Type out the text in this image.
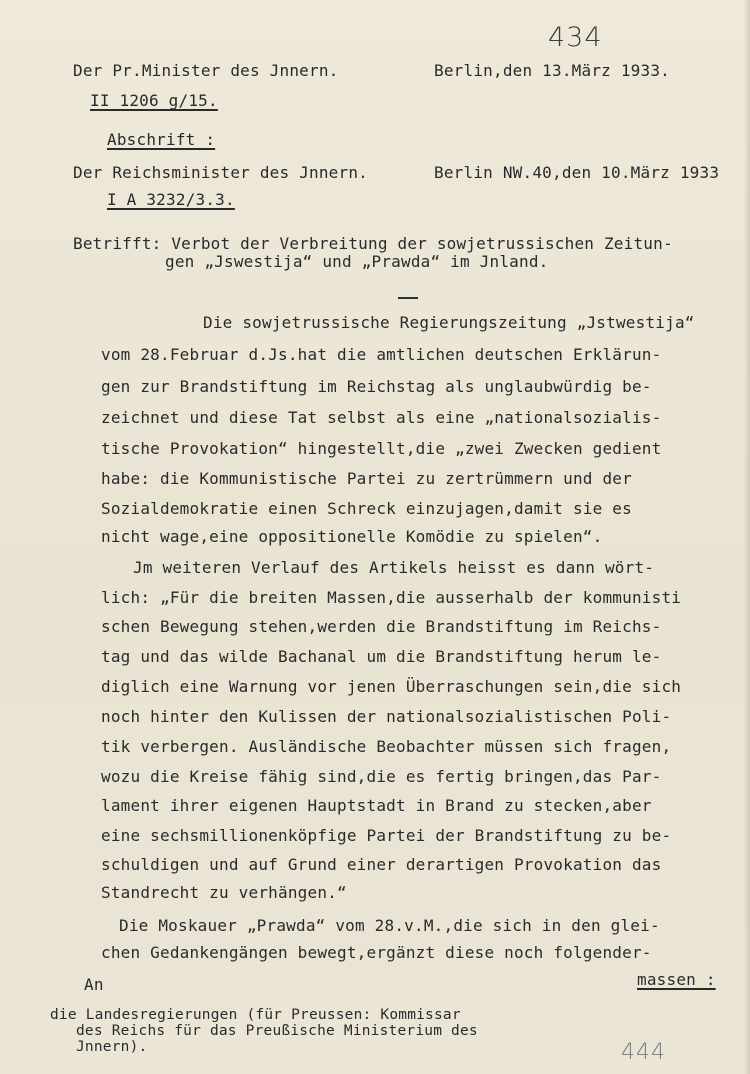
434
Der Pr.Minister des Jnnern.	Berlin,den 13.März 1933.
II 1206 g/15.
Abschrift :
Der Reichsminister des Jnnern.	Berlin NW.40,den 10.März 1933
I A 3232/3.3.
Betrifft: Verbot der Verbreitung der sowjetrussischen Zeitun-
gen „Jswestija“ und „Prawda“ im Jnland.
Die sowjetrussische Regierungszeitung „Jstwestija“
vom 28.Februar d.Js.hat die amtlichen deutschen Erklärun-
gen zur Brandstiftung im Reichstag als unglaubwürdig be-
zeichnet und diese Tat selbst als eine „nationalsozialis-
tische Provokation“ hingestellt,die „zwei Zwecken gedient
habe: die Kommunistische Partei zu zertrümmern und der
Sozialdemokratie einen Schreck einzujagen,damit sie es
nicht wage,eine oppositionelle Komödie zu spielen“.
Jm weiteren Verlauf des Artikels heisst es dann wört-
lich: „Für die breiten Massen,die ausserhalb der kommunisti
schen Bewegung stehen,werden die Brandstiftung im Reichs-
tag und das wilde Bachanal um die Brandstiftung herum le-
diglich eine Warnung vor jenen Überraschungen sein,die sich
noch hinter den Kulissen der nationalsozialistischen Poli-
tik verbergen. Ausländische Beobachter müssen sich fragen,
wozu die Kreise fähig sind,die es fertig bringen,das Par-
lament ihrer eigenen Hauptstadt in Brand zu stecken,aber
eine sechsmillionenköpfige Partei der Brandstiftung zu be-
schuldigen und auf Grund einer derartigen Provokation das
Standrecht zu verhängen.“
Die Moskauer „Prawda“ vom 28.v.M.,die sich in den glei-
chen Gedankengängen bewegt,ergänzt diese noch folgender-
An	massen :
die Landesregierungen (für Preussen: Kommissar
des Reichs für das Preußische Ministerium des
Jnnern).	444
